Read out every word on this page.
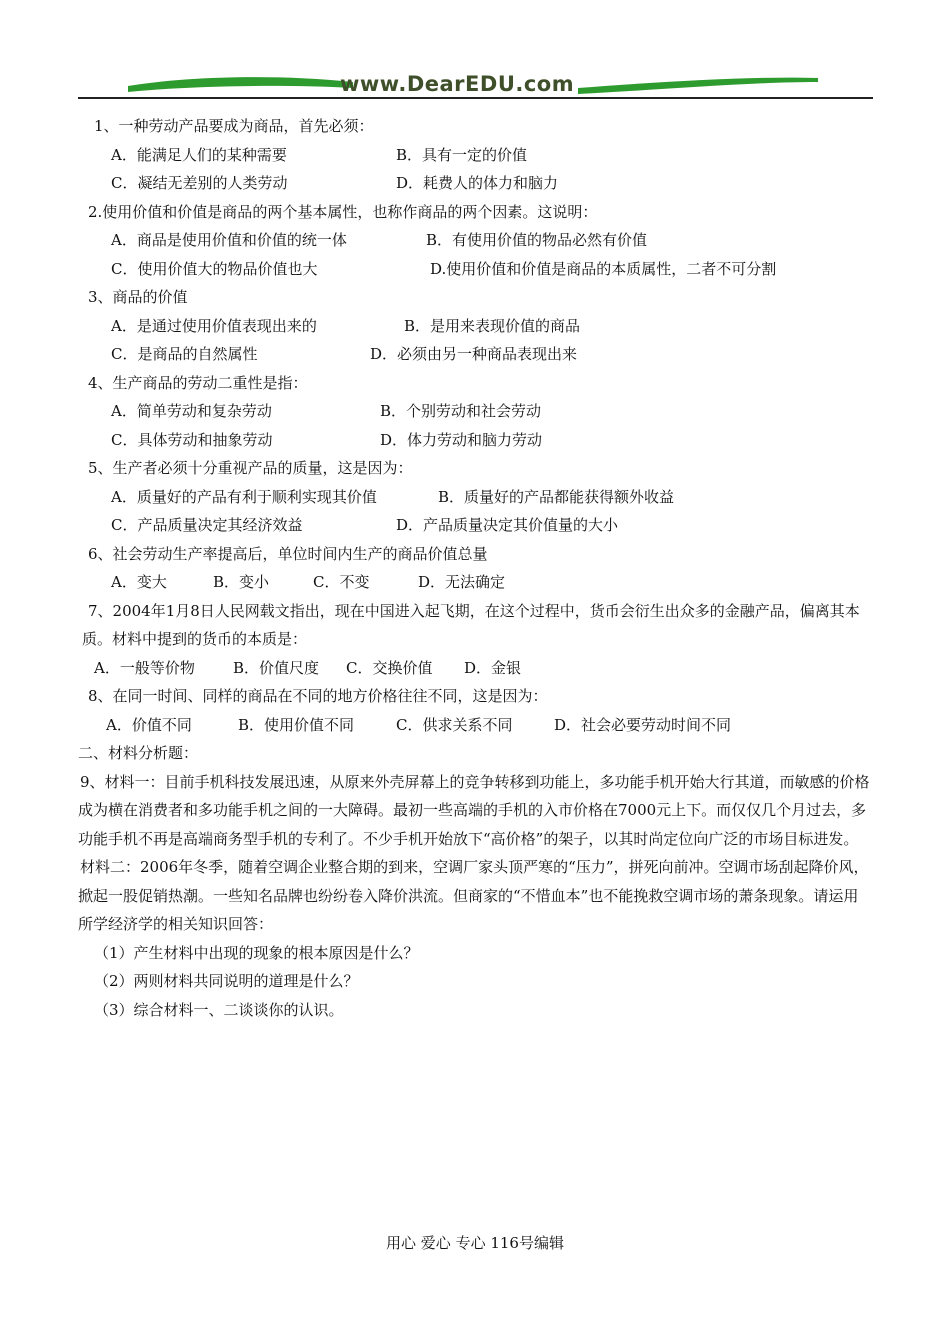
www.DearEDU.com
1、一种劳动产品要成为商品，首先必须：
A．能满足人们的某种需要	B．具有一定的价值
C．凝结无差别的人类劳动	D．耗费人的体力和脑力
2.使用价值和价值是商品的两个基本属性，也称作商品的两个因素。这说明：
A．商品是使用价值和价值的统一体	B．有使用价值的物品必然有价值
C．使用价值大的物品价值也大	D.使用价值和价值是商品的本质属性，二者不可分割
3、商品的价值
A．是通过使用价值表现出来的	B．是用来表现价值的商品
C．是商品的自然属性	D．必须由另一种商品表现出来
4、生产商品的劳动二重性是指：
A．简单劳动和复杂劳动	B．个别劳动和社会劳动
C．具体劳动和抽象劳动	D．体力劳动和脑力劳动
5、生产者必须十分重视产品的质量，这是因为：
A．质量好的产品有利于顺利实现其价值	B．质量好的产品都能获得额外收益
C．产品质量决定其经济效益	D．产品质量决定其价值量的大小
6、社会劳动生产率提高后，单位时间内生产的商品价值总量
A．变大	B．变小	C．不变	D．无法确定
7、2004年1月8日人民网载文指出，现在中国进入起飞期，在这个过程中，货币会衍生出众多的金融产品，偏离其本质。材料中提到的货币的本质是：
A．一般等价物	B．价值尺度 C．交换价值 D．金银
8、在同一时间、同样的商品在不同的地方价格往往不同，这是因为：
A．价值不同	B．使用价值不同	C．供求关系不同	D．社会必要劳动时间不同
二、材料分析题：
9、材料一：目前手机科技发展迅速，从原来外壳屏幕上的竞争转移到功能上，多功能手机开始大行其道，而敏感的价格成为横在消费者和多功能手机之间的一大障碍。最初一些高端的手机的入市价格在7000元上下。而仅仅几个月过去，多功能手机不再是高端商务型手机的专利了。不少手机开始放下“高价格”的架子，以其时尚定位向广泛的市场目标进发。
材料二：2006年冬季，随着空调企业整合期的到来，空调厂家头顶严寒的“压力”，拼死向前冲。空调市场刮起降价风，掀起一股促销热潮。一些知名品牌也纷纷卷入降价洪流。但商家的“不惜血本”也不能挽救空调市场的萧条现象。请运用所学经济学的相关知识回答：
（1）产生材料中出现的现象的根本原因是什么？
（2）两则材料共同说明的道理是什么？
（3）综合材料一、二谈谈你的认识。
用心 爱心 专心 116号编辑
